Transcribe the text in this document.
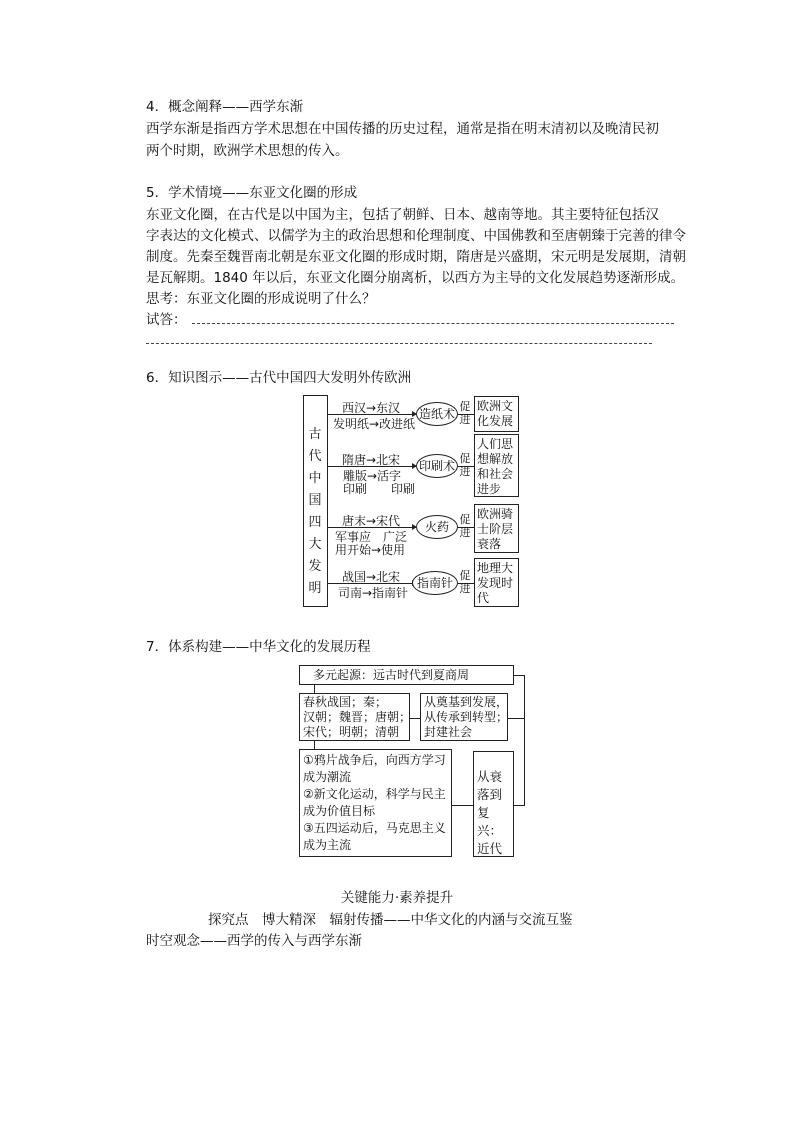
4．概念阐释——西学东渐
西学东渐是指西方学术思想在中国传播的历史过程，通常是指在明末清初以及晚清民初
两个时期，欧洲学术思想的传入。
5．学术情境——东亚文化圈的形成
东亚文化圈，在古代是以中国为主，包括了朝鲜、日本、越南等地。其主要特征包括汉
字表达的文化模式、以儒学为主的政治思想和伦理制度、中国佛教和至唐朝臻于完善的律令
制度。先秦至魏晋南北朝是东亚文化圈的形成时期，隋唐是兴盛期，宋元明是发展期，清朝
是瓦解期。1840 年以后，东亚文化圈分崩离析，以西方为主导的文化发展趋势逐渐形成。
思考：东亚文化圈的形成说明了什么？
试答：
6．知识图示——古代中国四大发明外传欧洲
古代中国四大发明
西汉→东汉
发明纸→改进纸
造纸术
促进
欧洲文化发展
隋唐→北宋
雕版→活字
印刷　　印刷
印刷术
促进
人们思想解放和社会进步
唐末→宋代
军事应　广泛
用开始→使用
火药
促进
欧洲骑士阶层衰落
战国→北宋
司南→指南针
指南针
促进
地理大发现时代
7．体系构建——中华文化的发展历程
多元起源：远古时代到夏商周
春秋战国；秦；
汉朝；魏晋；唐朝；
宋代；明朝；清朝
从奠基到发展，
从传承到转型；
封建社会
①鸦片战争后，向西方学习
成为潮流
②新文化运动，科学与民主
成为价值目标
③五四运动后，马克思主义
成为主流
从衰落到复兴：近代
关键能力·素养提升
探究点　博大精深　辐射传播——中华文化的内涵与交流互鉴
时空观念——西学的传入与西学东渐
